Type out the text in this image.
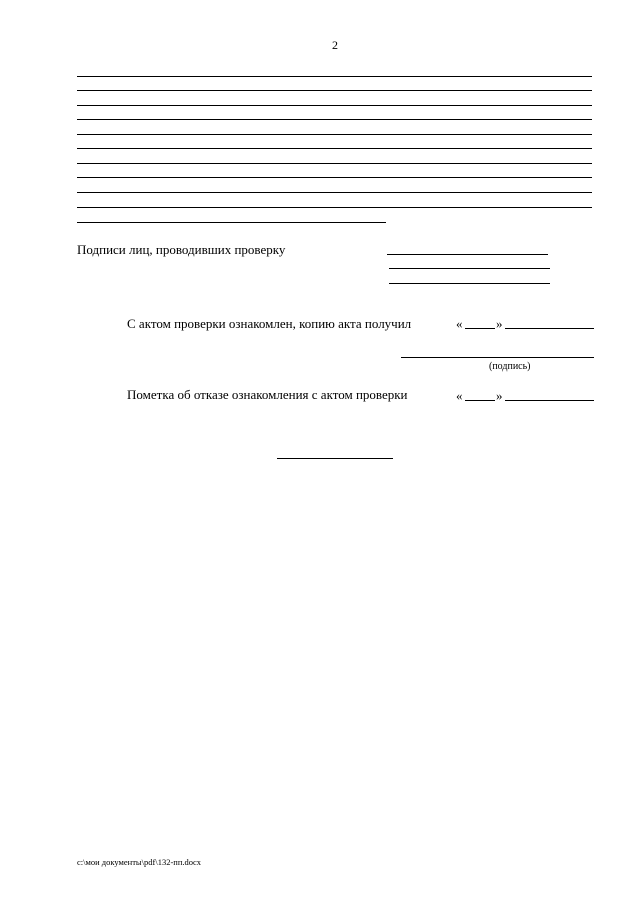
2
Подписи лиц, проводивших проверку
С актом проверки ознакомлен, копию акта получил	«	»
(подпись)
Пометка об отказе ознакомления с актом проверки	«	»
c:\мои документы\pdf\132-пп.docx
